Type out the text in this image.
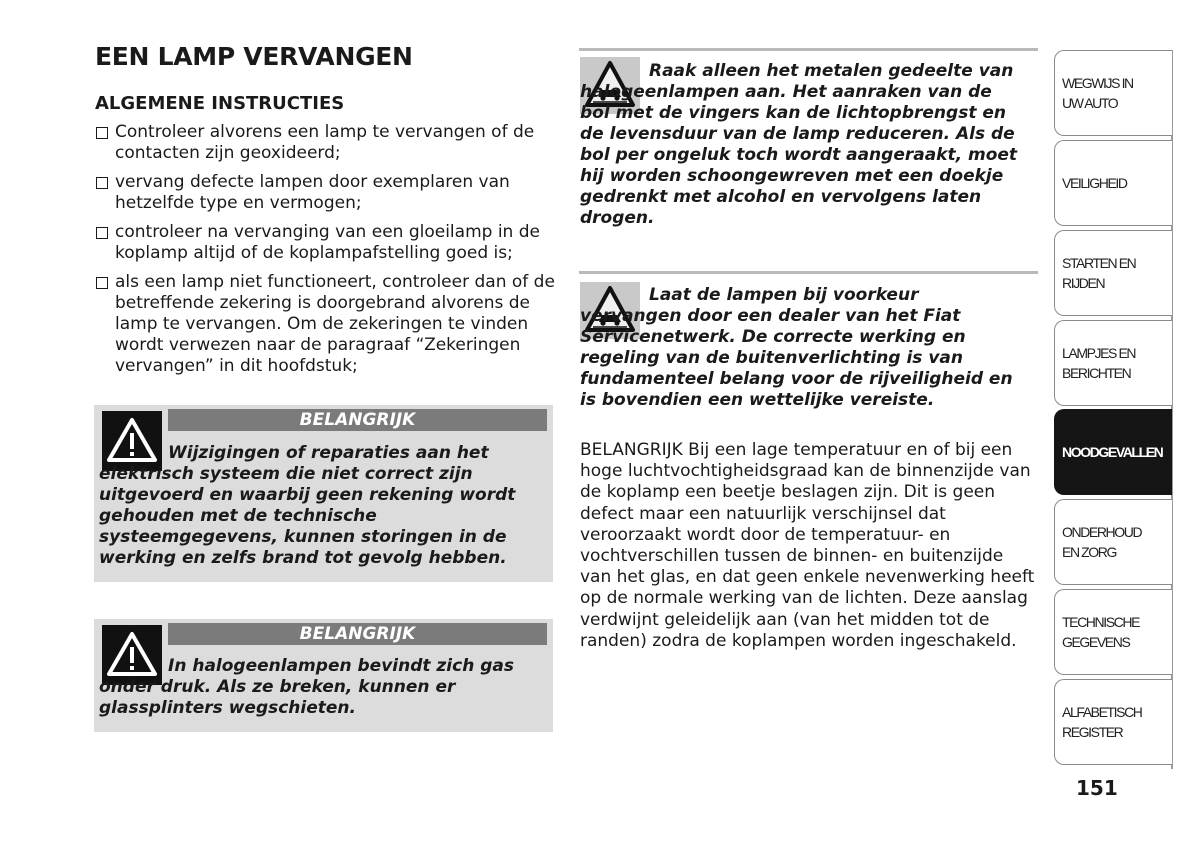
EEN LAMP VERVANGEN
ALGEMENE INSTRUCTIES
Controleer alvorens een lamp te vervangen of de contacten zijn geoxideerd;
vervang defecte lampen door exemplaren van hetzelfde type en vermogen;
controleer na vervanging van een gloeilamp in de koplamp altijd of de koplampafstelling goed is;
als een lamp niet functioneert, controleer dan of de betreffende zekering is doorgebrand alvorens de lamp te vervangen. Om de zekeringen te vinden wordt verwezen naar de paragraaf “Zekeringen vervangen” in dit hoofdstuk;
BELANGRIJK

Wijzigingen of reparaties aan het elektrisch systeem die niet correct zijn uitgevoerd en waarbij geen rekening wordt gehouden met de technische systeemgegevens, kunnen storingen in de werking en zelfs brand tot gevolg hebben.

BELANGRIJK

In halogeenlampen bevindt zich gas onder druk. Als ze breken, kunnen er glassplinters wegschieten.

Raak alleen het metalen gedeelte van halogeenlampen aan. Het aanraken van de bol met de vingers kan de lichtopbrengst en de levensduur van de lamp reduceren. Als de bol per ongeluk toch wordt aangeraakt, moet hij worden schoongewreven met een doekje gedrenkt met alcohol en vervolgens laten drogen.

Laat de lampen bij voorkeur vervangen door een dealer van het Fiat Servicenetwerk. De correcte werking en regeling van de buitenverlichting is van fundamenteel belang voor de rijveiligheid en is bovendien een wettelijke vereiste.

BELANGRIJK Bij een lage temperatuur en of bij een hoge luchtvochtigheidsgraad kan de binnenzijde van de koplamp een beetje beslagen zijn. Dit is geen defect maar een natuurlijk verschijnsel dat veroorzaakt wordt door de temperatuur- en vochtverschillen tussen de binnen- en buitenzijde van het glas, en dat geen enkele nevenwerking heeft op de normale werking van de lichten. Deze aanslag verdwijnt geleidelijk aan (van het midden tot de randen) zodra de koplampen worden ingeschakeld.

WEGWIJS IN UW AUTO
VEILIGHEID
STARTEN EN RIJDEN
LAMPJES EN BERICHTEN
NOODGEVALLEN
ONDERHOUD EN ZORG
TECHNISCHE GEGEVENS
ALFABETISCH REGISTER

151
